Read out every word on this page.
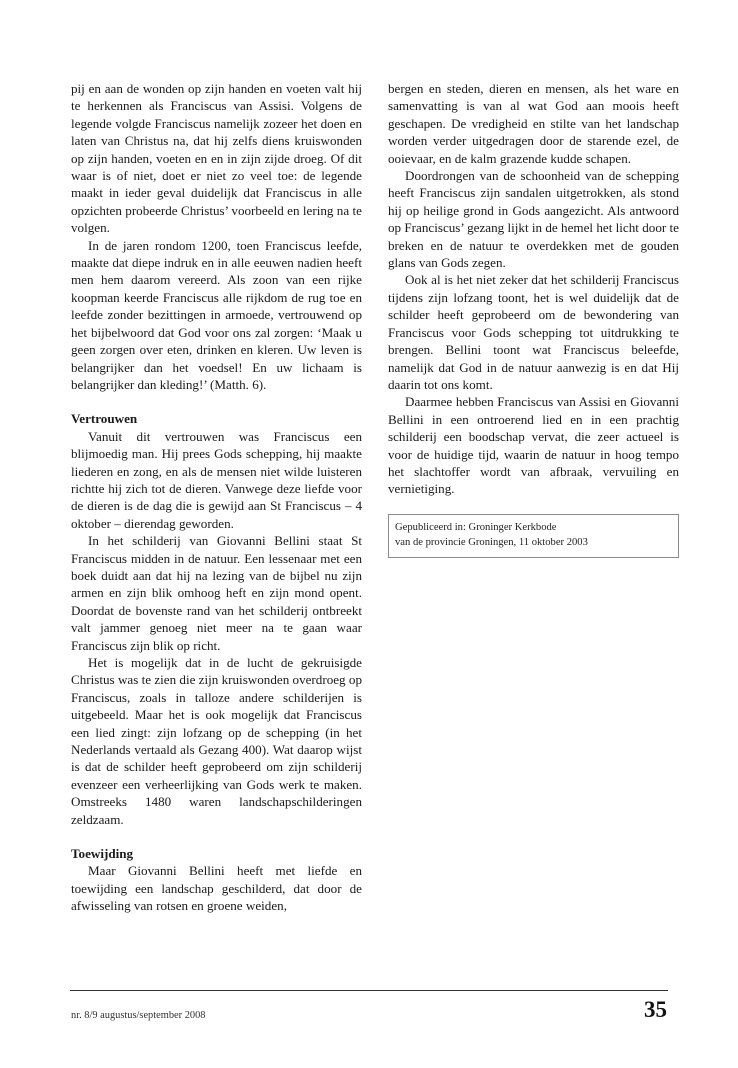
pij en aan de wonden op zijn handen en voeten valt hij te herkennen als Franciscus van Assisi. Volgens de legende volgde Franciscus namelijk zozeer het doen en laten van Christus na, dat hij zelfs diens kruiswonden op zijn handen, voeten en en in zijn zijde droeg. Of dit waar is of niet, doet er niet zo veel toe: de legende maakt in ieder geval duidelijk dat Franciscus in alle opzichten probeerde Christus’ voorbeeld en lering na te volgen.

In de jaren rondom 1200, toen Franciscus leefde, maakte dat diepe indruk en in alle eeuwen nadien heeft men hem daarom vereerd. Als zoon van een rijke koopman keerde Franciscus alle rijkdom de rug toe en leefde zonder bezittingen in armoede, vertrouwend op het bijbelwoord dat God voor ons zal zorgen: ‘Maak u geen zorgen over eten, drinken en kleren. Uw leven is belangrijker dan het voedsel! En uw lichaam is belangrijker dan kleding!’ (Matth. 6).

Vertrouwen

Vanuit dit vertrouwen was Franciscus een blijmoedig man. Hij prees Gods schepping, hij maakte liederen en zong, en als de mensen niet wilde luisteren richtte hij zich tot de dieren. Vanwege deze liefde voor de dieren is de dag die is gewijd aan St Franciscus – 4 oktober – dierendag geworden.

In het schilderij van Giovanni Bellini staat St Franciscus midden in de natuur. Een lessenaar met een boek duidt aan dat hij na lezing van de bijbel nu zijn armen en zijn blik omhoog heft en zijn mond opent. Doordat de bovenste rand van het schilderij ontbreekt valt jammer genoeg niet meer na te gaan waar Franciscus zijn blik op richt.

Het is mogelijk dat in de lucht de gekruisigde Christus was te zien die zijn kruiswonden overdroeg op Franciscus, zoals in talloze andere schilderijen is uitgebeeld. Maar het is ook mogelijk dat Franciscus een lied zingt: zijn lofzang op de schepping (in het Nederlands vertaald als Gezang 400). Wat daarop wijst is dat de schilder heeft geprobeerd om zijn schilderij evenzeer een verheerlijking van Gods werk te maken. Omstreeks 1480 waren landschapschilderingen zeldzaam.

Toewijding

Maar Giovanni Bellini heeft met liefde en toewijding een landschap geschilderd, dat door de afwisseling van rotsen en groene weiden,

bergen en steden, dieren en mensen, als het ware en samenvatting is van al wat God aan moois heeft geschapen. De vredigheid en stilte van het landschap worden verder uitgedragen door de starende ezel, de ooievaar, en de kalm grazende kudde schapen.

Doordrongen van de schoonheid van de schepping heeft Franciscus zijn sandalen uitgetrokken, als stond hij op heilige grond in Gods aangezicht. Als antwoord op Franciscus’ gezang lijkt in de hemel het licht door te breken en de natuur te overdekken met de gouden glans van Gods zegen.

Ook al is het niet zeker dat het schilderij Franciscus tijdens zijn lofzang toont, het is wel duidelijk dat de schilder heeft geprobeerd om de bewondering van Franciscus voor Gods schepping tot uitdrukking te brengen. Bellini toont wat Franciscus beleefde, namelijk dat God in de natuur aanwezig is en dat Hij daarin tot ons komt.

Daarmee hebben Franciscus van Assisi en Giovanni Bellini in een ontroerend lied en in een prachtig schilderij een boodschap vervat, die zeer actueel is voor de huidige tijd, waarin de natuur in hoog tempo het slachtoffer wordt van afbraak, vervuiling en vernietiging.

Gepubliceerd in: Groninger Kerkbode
van de provincie Groningen, 11 oktober 2003
nr. 8/9 augustus/september 2008	35
